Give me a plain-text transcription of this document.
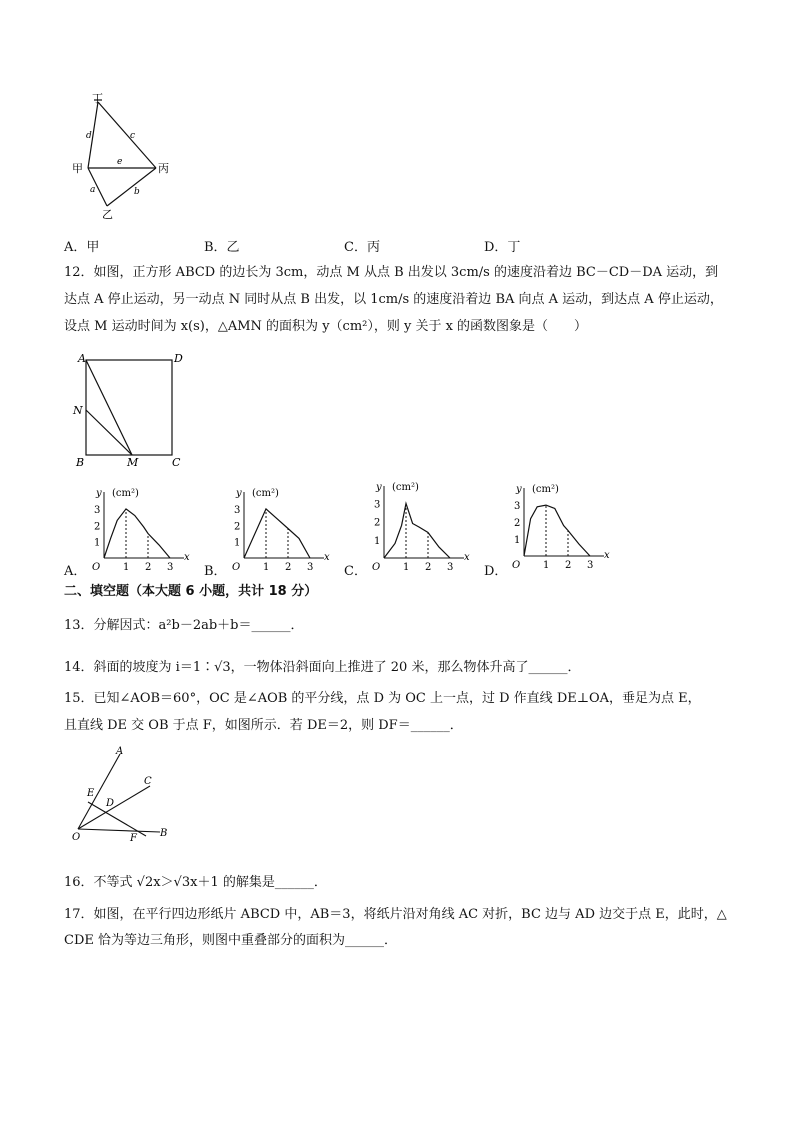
丁
甲
乙
丙
d	c
e
a	b
A．甲	B．乙	C．丙	D．丁
12．如图，正方形 ABCD 的边长为 3cm，动点 M 从点 B 出发以 3cm/s 的速度沿着边 BC－CD－DA 运动，到
达点 A 停止运动，另一动点 N 同时从点 B 出发，以 1cm/s 的速度沿着边 BA 向点 A 运动，到达点 A 停止运动，
设点 M 运动时间为 x(s)，△AMN 的面积为 y（cm²），则 y 关于 x 的函数图象是（　　）
A	D
N
B	M	C
A．	B．	C．	D．
y (cm²)
x
O 1 2 3
1
2
3
y (cm²)
x
O 1 2 3
1
2
3
y (cm²)
x
O 1 2 3
1
2
3
y (cm²)
x
O 1 2 3
1
2
3
二、填空题（本大题 6 小题，共计 18 分）
13．分解因式：a²b－2ab＋b＝______．
14．斜面的坡度为 i＝1∶√3，一物体沿斜面向上推进了 20 米，那么物体升高了______．
15．已知∠AOB＝60°，OC 是∠AOB 的平分线，点 D 为 OC 上一点，过 D 作直线 DE⊥OA，垂足为点 E，
且直线 DE 交 OB 于点 F，如图所示．若 DE＝2，则 DF＝______．
A
C
E
D
O	F B
16．不等式 √2x＞√3x＋1 的解集是______．
17．如图，在平行四边形纸片 ABCD 中，AB＝3，将纸片沿对角线 AC 对折，BC 边与 AD 边交于点 E，此时，△
CDE 恰为等边三角形，则图中重叠部分的面积为______．
